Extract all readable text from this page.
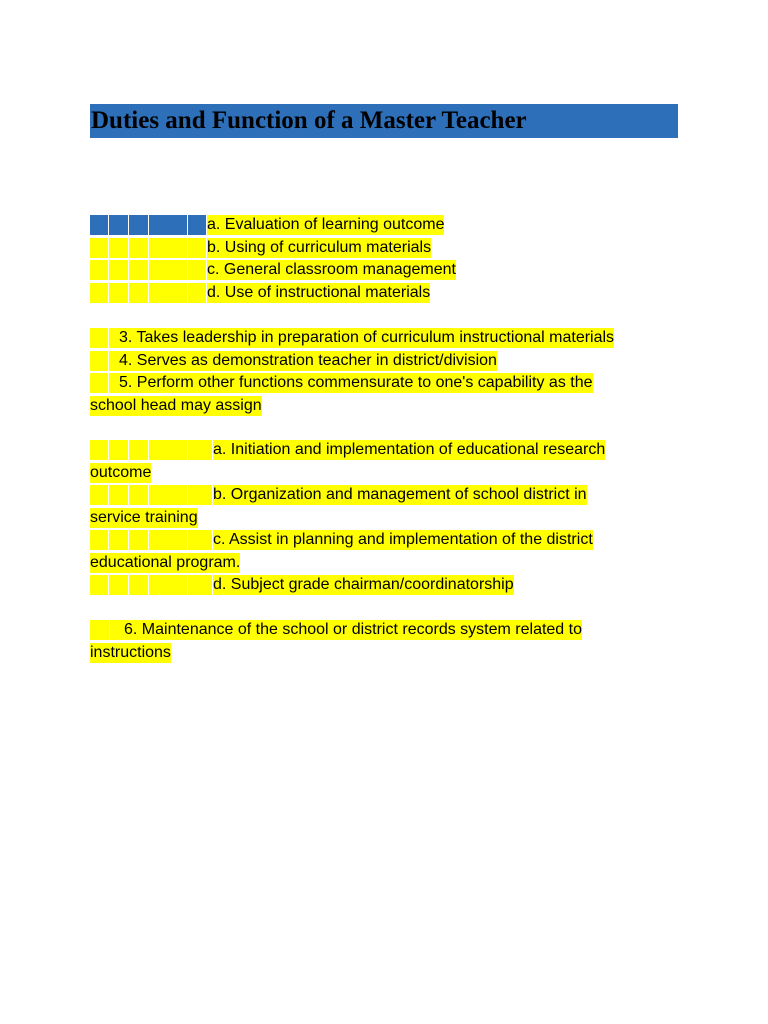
Duties and Function of a Master Teacher
a. Evaluation of learning outcome
b. Using of curriculum materials
c. General classroom management
d. Use of instructional materials
3. Takes leadership in preparation of curriculum instructional materials
4. Serves as demonstration teacher in district/division
5. Perform other functions commensurate to one's capability as the
school head may assign
a. Initiation and implementation of educational research
outcome
b. Organization and management of school district in
service training
c. Assist in planning and implementation of the district
educational program.
d. Subject grade chairman/coordinatorship
6. Maintenance of the school or district records system related to
instructions
